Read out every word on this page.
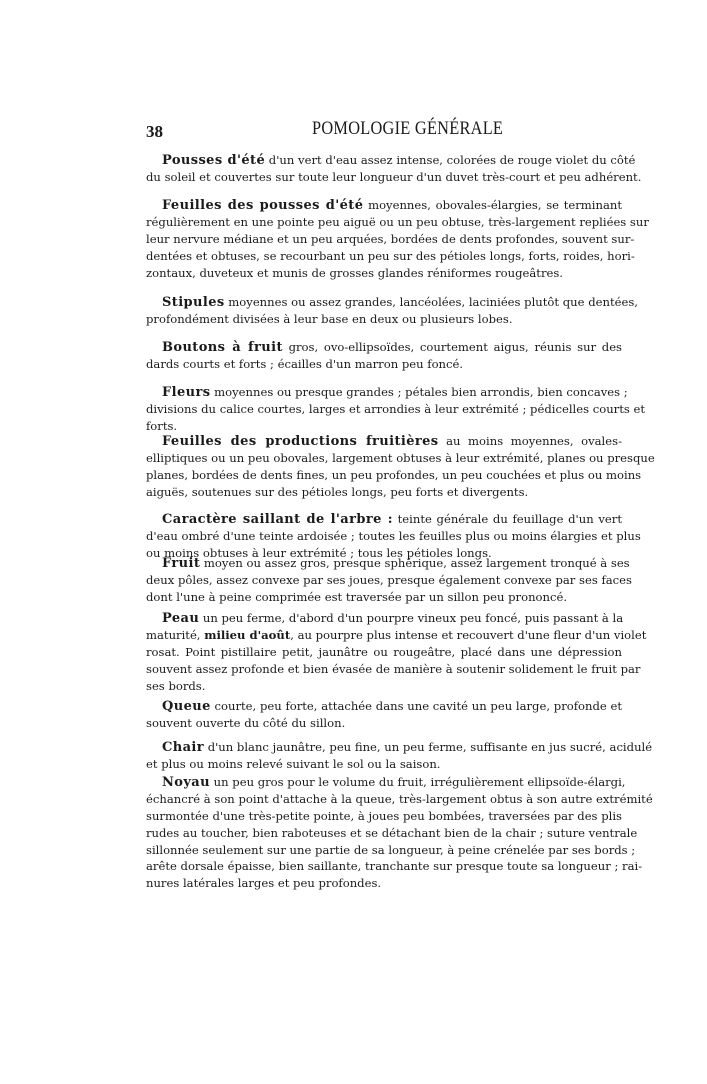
38	POMOLOGIE GÉNÉRALE
Pousses d'été d'un vert d'eau assez intense, colorées de rouge violet du côté
du soleil et couvertes sur toute leur longueur d'un duvet très-court et peu adhérent.
Feuilles des pousses d'été moyennes, obovales-élargies, se terminant
régulièrement en une pointe peu aiguë ou un peu obtuse, très-largement repliées sur
leur nervure médiane et un peu arquées, bordées de dents profondes, souvent sur-
dentées et obtuses, se recourbant un peu sur des pétioles longs, forts, roides, hori-
zontaux, duveteux et munis de grosses glandes réniformes rougeâtres.
Stipules moyennes ou assez grandes, lancéolées, laciniées plutôt que dentées,
profondément divisées à leur base en deux ou plusieurs lobes.
Boutons à fruit gros, ovo-ellipsoïdes, courtement aigus, réunis sur des
dards courts et forts ; écailles d'un marron peu foncé.
Fleurs moyennes ou presque grandes ; pétales bien arrondis, bien concaves ;
divisions du calice courtes, larges et arrondies à leur extrémité ; pédicelles courts et
forts.
Feuilles des productions fruitières au moins moyennes, ovales-
elliptiques ou un peu obovales, largement obtuses à leur extrémité, planes ou presque
planes, bordées de dents fines, un peu profondes, un peu couchées et plus ou moins
aiguës, soutenues sur des pétioles longs, peu forts et divergents.
Caractère saillant de l'arbre : teinte générale du feuillage d'un vert
d'eau ombré d'une teinte ardoisée ; toutes les feuilles plus ou moins élargies et plus
ou moins obtuses à leur extrémité ; tous les pétioles longs.
Fruit moyen ou assez gros, presque sphérique, assez largement tronqué à ses
deux pôles, assez convexe par ses joues, presque également convexe par ses faces
dont l'une à peine comprimée est traversée par un sillon peu prononcé.
Peau un peu ferme, d'abord d'un pourpre vineux peu foncé, puis passant à la
maturité, milieu d'août, au pourpre plus intense et recouvert d'une fleur d'un violet
rosat. Point pistillaire petit, jaunâtre ou rougeâtre, placé dans une dépression
souvent assez profonde et bien évasée de manière à soutenir solidement le fruit par
ses bords.
Queue courte, peu forte, attachée dans une cavité un peu large, profonde et
souvent ouverte du côté du sillon.
Chair d'un blanc jaunâtre, peu fine, un peu ferme, suffisante en jus sucré, acidulé
et plus ou moins relevé suivant le sol ou la saison.
Noyau un peu gros pour le volume du fruit, irrégulièrement ellipsoïde-élargi,
échancré à son point d'attache à la queue, très-largement obtus à son autre extrémité
surmontée d'une très-petite pointe, à joues peu bombées, traversées par des plis
rudes au toucher, bien raboteuses et se détachant bien de la chair ; suture ventrale
sillonnée seulement sur une partie de sa longueur, à peine crénelée par ses bords ;
arête dorsale épaisse, bien saillante, tranchante sur presque toute sa longueur ; rai-
nures latérales larges et peu profondes.
